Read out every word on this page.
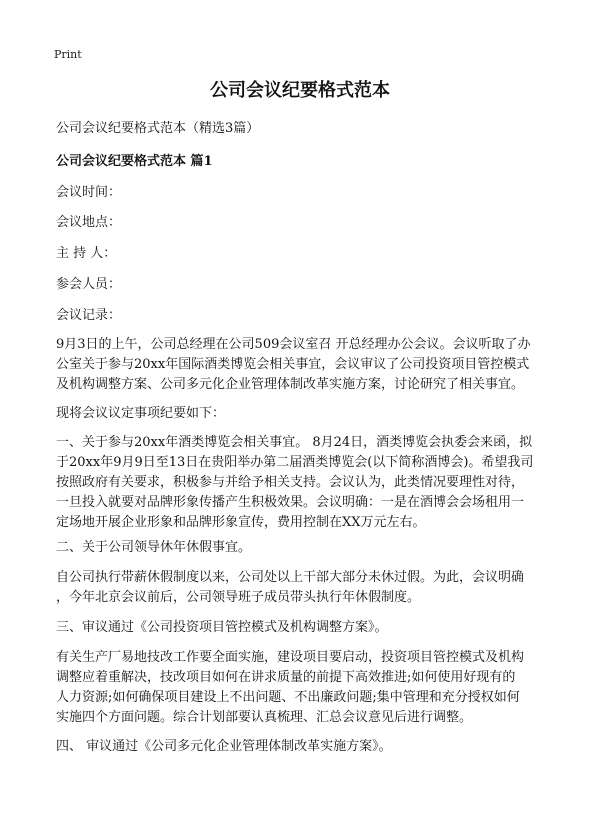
Print
公司会议纪要格式范本

公司会议纪要格式范本（精选3篇）

公司会议纪要格式范本 篇1

会议时间：

会议地点：

主 持 人：

参会人员：

会议记录：

9月3日的上午，公司总经理在公司509会议室召 开总经理办公会议。会议听取了办
公室关于参与20xx年国际酒类博览会相关事宜，会议审议了公司投资项目管控模式
及机构调整方案、公司多元化企业管理体制改革实施方案，讨论研究了相关事宜。

现将会议议定事项纪要如下：

一、关于参与20xx年酒类博览会相关事宜。 8月24日，酒类博览会执委会来函，拟
于20xx年9月9日至13日在贵阳举办第二届酒类博览会(以下简称酒博会)。希望我司
按照政府有关要求，积极参与并给予相关支持。会议认为，此类情况要理性对待，
一旦投入就要对品牌形象传播产生积极效果。会议明确：一是在酒博会会场租用一
定场地开展企业形象和品牌形象宣传，费用控制在XX万元左右。

二、关于公司领导休年休假事宜。

自公司执行带薪休假制度以来，公司处以上干部大部分未休过假。为此，会议明确
，今年北京会议前后，公司领导班子成员带头执行年休假制度。

三、审议通过《公司投资项目管控模式及机构调整方案》。

有关生产厂易地技改工作要全面实施，建设项目要启动，投资项目管控模式及机构
调整应着重解决，技改项目如何在讲求质量的前提下高效推进;如何使用好现有的
人力资源;如何确保项目建设上不出问题、不出廉政问题;集中管理和充分授权如何
实施四个方面问题。综合计划部要认真梳理、汇总会议意见后进行调整。

四、 审议通过《公司多元化企业管理体制改革实施方案》。
